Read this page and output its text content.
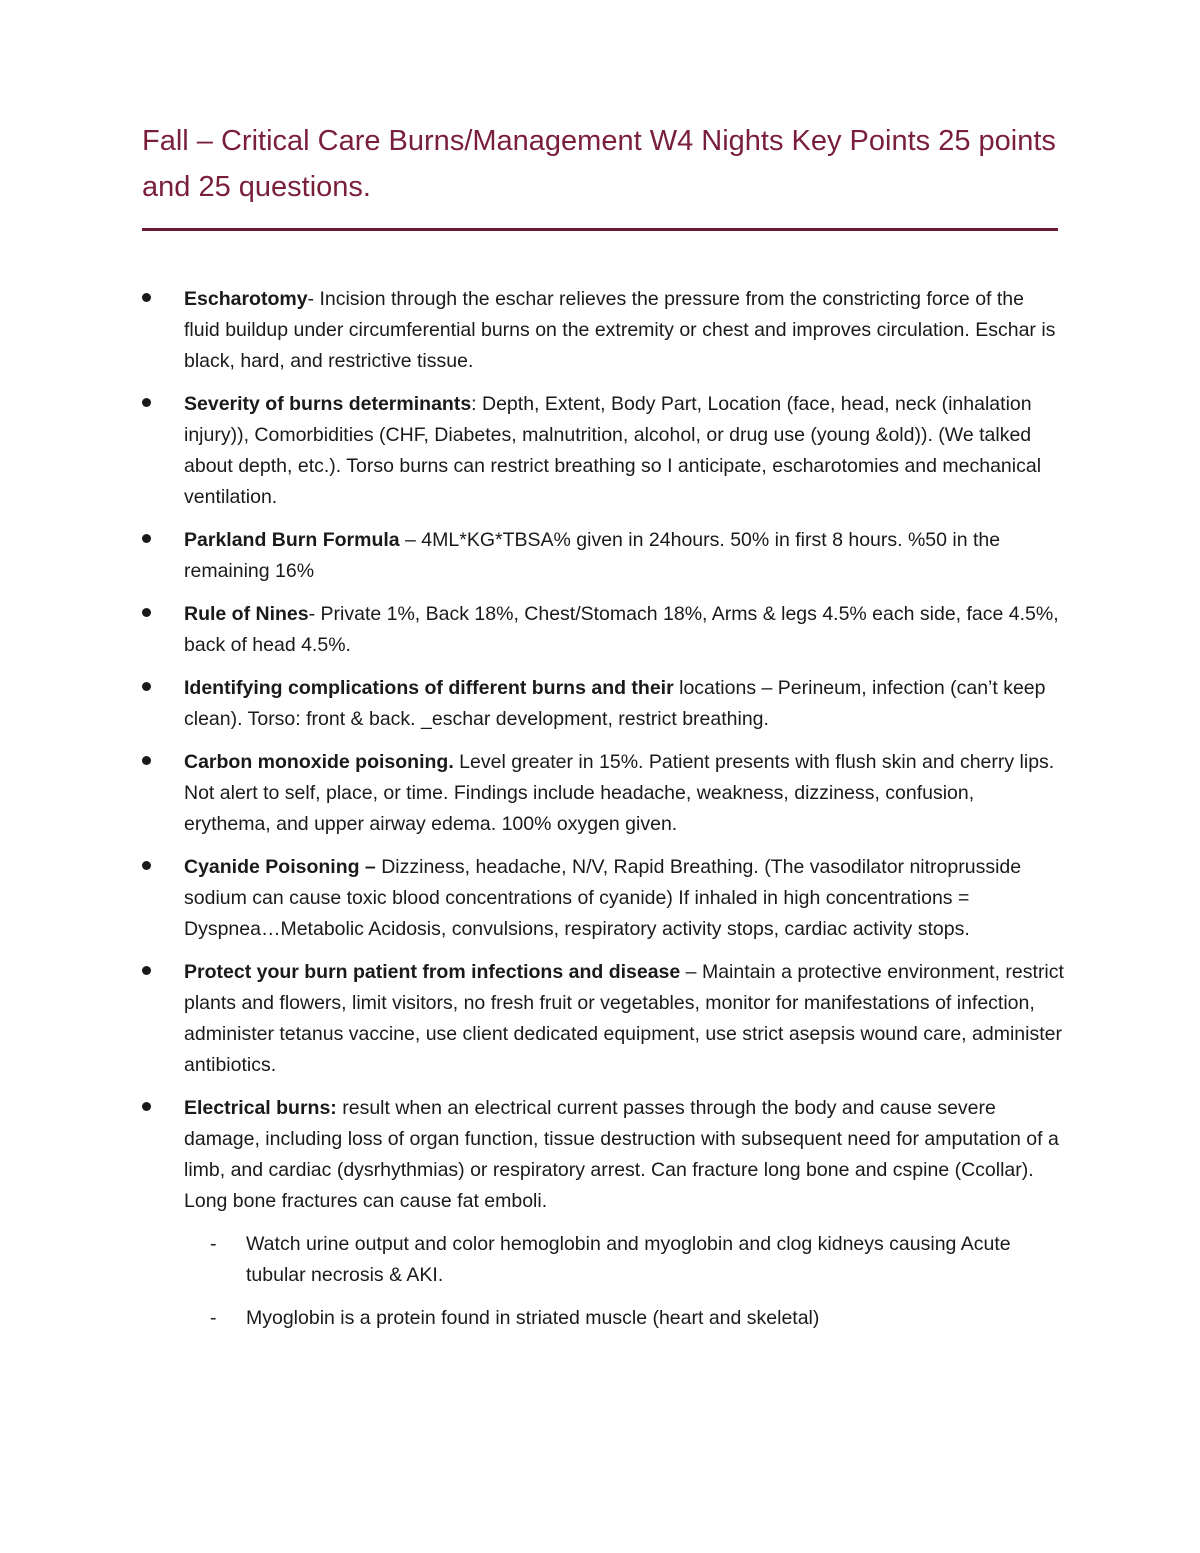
Fall – Critical Care Burns/Management W4 Nights Key Points 25 points and 25 questions.
Escharotomy- Incision through the eschar relieves the pressure from the constricting force of the fluid buildup under circumferential burns on the extremity or chest and improves circulation. Eschar is black, hard, and restrictive tissue.
Severity of burns determinants: Depth, Extent, Body Part, Location (face, head, neck (inhalation injury)), Comorbidities (CHF, Diabetes, malnutrition, alcohol, or drug use (young &old)). (We talked about depth, etc.). Torso burns can restrict breathing so I anticipate, escharotomies and mechanical ventilation.
Parkland Burn Formula – 4ML*KG*TBSA% given in 24hours. 50% in first 8 hours. %50 in the remaining 16%
Rule of Nines- Private 1%, Back 18%, Chest/Stomach 18%, Arms & legs 4.5% each side, face 4.5%, back of head 4.5%.
Identifying complications of different burns and their locations – Perineum, infection (can’t keep clean). Torso: front & back. _eschar development, restrict breathing.
Carbon monoxide poisoning. Level greater in 15%. Patient presents with flush skin and cherry lips. Not alert to self, place, or time. Findings include headache, weakness, dizziness, confusion, erythema, and upper airway edema. 100% oxygen given.
Cyanide Poisoning – Dizziness, headache, N/V, Rapid Breathing. (The vasodilator nitroprusside sodium can cause toxic blood concentrations of cyanide) If inhaled in high concentrations = Dyspnea…Metabolic Acidosis, convulsions, respiratory activity stops, cardiac activity stops.
Protect your burn patient from infections and disease – Maintain a protective environment, restrict plants and flowers, limit visitors, no fresh fruit or vegetables, monitor for manifestations of infection, administer tetanus vaccine, use client dedicated equipment, use strict asepsis wound care, administer antibiotics.
Electrical burns: result when an electrical current passes through the body and cause severe damage, including loss of organ function, tissue destruction with subsequent need for amputation of a limb, and cardiac (dysrhythmias) or respiratory arrest. Can fracture long bone and cspine (Ccollar). Long bone fractures can cause fat emboli.
- Watch urine output and color hemoglobin and myoglobin and clog kidneys causing Acute tubular necrosis & AKI.
- Myoglobin is a protein found in striated muscle (heart and skeletal)
